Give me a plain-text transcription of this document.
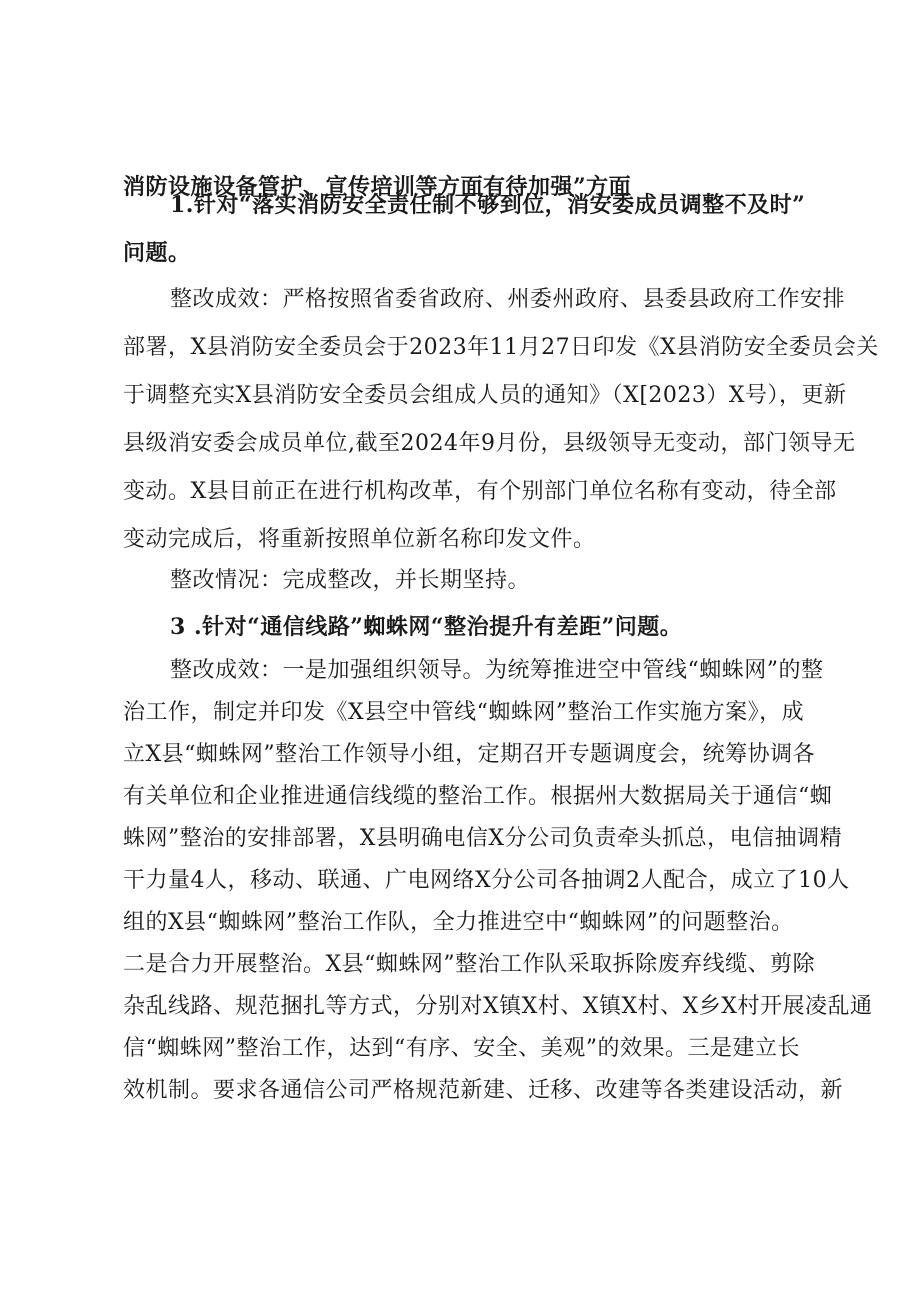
消防设施设备管护、宣传培训等方面有待加强”方面
1.针对“落实消防安全责任制不够到位，消安委成员调整不及时”
问题。
整改成效：严格按照省委省政府、州委州政府、县委县政府工作安排
部署，X县消防安全委员会于2023年11月27日印发《X县消防安全委员会关
于调整充实X县消防安全委员会组成人员的通知》（X[2023）X号），更新
县级消安委会成员单位,截至2024年9月份，县级领导无变动，部门领导无
变动。X县目前正在进行机构改革，有个别部门单位名称有变动，待全部
变动完成后，将重新按照单位新名称印发文件。
整改情况：完成整改，并长期坚持。
3 .针对“通信线路”蜘蛛网“整治提升有差距”问题。
整改成效：一是加强组织领导。为统筹推进空中管线“蜘蛛网”的整
治工作，制定并印发《X县空中管线“蜘蛛网”整治工作实施方案》，成
立X县“蜘蛛网”整治工作领导小组，定期召开专题调度会，统筹协调各
有关单位和企业推进通信线缆的整治工作。根据州大数据局关于通信“蜘
蛛网”整治的安排部署，X县明确电信X分公司负责牵头抓总，电信抽调精
干力量4人，移动、联通、广电网络X分公司各抽调2人配合，成立了10人
组的X县“蜘蛛网”整治工作队，全力推进空中“蜘蛛网”的问题整治。
二是合力开展整治。X县“蜘蛛网”整治工作队采取拆除废弃线缆、剪除
杂乱线路、规范捆扎等方式，分别对X镇X村、X镇X村、X乡X村开展凌乱通
信“蜘蛛网”整治工作，达到“有序、安全、美观”的效果。三是建立长
效机制。要求各通信公司严格规范新建、迁移、改建等各类建设活动，新
